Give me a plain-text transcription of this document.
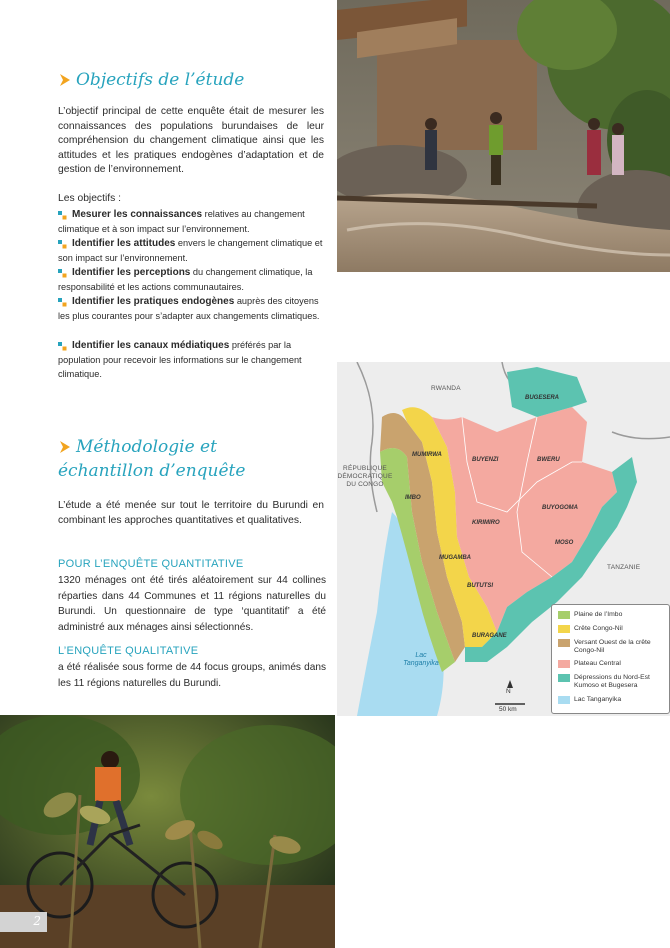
Objectifs de l’étude
L’objectif principal de cette enquête était de mesurer les connaissances des populations burundaises de leur compréhension du changement climatique ainsi que les attitudes et les pratiques endogènes d’adaptation et de gestion de l’environnement.
Les objectifs :
Mesurer les connaissances relatives au changement climatique et à son impact sur l’environnement.
Identifier les attitudes envers le changement climatique et son impact sur l’environnement.
Identifier les perceptions du changement climatique, la responsabilité et les actions communautaires.
Identifier les pratiques endogènes auprès des citoyens les plus courantes pour s’adapter aux changements climatiques.
Identifier les canaux médiatiques préférés par la population pour recevoir les informations sur le changement climatique.
Méthodologie et
échantillon d’enquête
L’étude a été menée sur tout le territoire du Burundi en combinant les approches quantitatives et qualitatives.
POUR L’ENQUÊTE QUANTITATIVE
1320 ménages ont été tirés aléatoirement sur 44 collines réparties dans 44 Communes et 11 régions naturelles du Burundi. Un questionnaire de type ‘quantitatif’ a été administré aux ménages ainsi sélectionnés.
L’ENQUÊTE QUALITATIVE
a été réalisée sous forme de 44 focus groups, animés dans les 11 régions naturelles du Burundi.
RWANDA
RÉPUBLIQUE DÉMOCRATIQUE DU CONGO
TANZANIE
BUGESERA
MUMIRWA
BUYENZI	BWERU
IMBO
KIRIMIRO
BUYOGOMA
MOSO
MUGAMBA
BUTUTSI
BURAGANE
Lac Tanganyika
N
50 km
Plaine de l’Imbo
Crête Congo-Nil
Versant Ouest de la crête Congo-Nil
Plateau Central
Dépressions du Nord-Est Kumoso et Bugesera
Lac Tanganyika
2
